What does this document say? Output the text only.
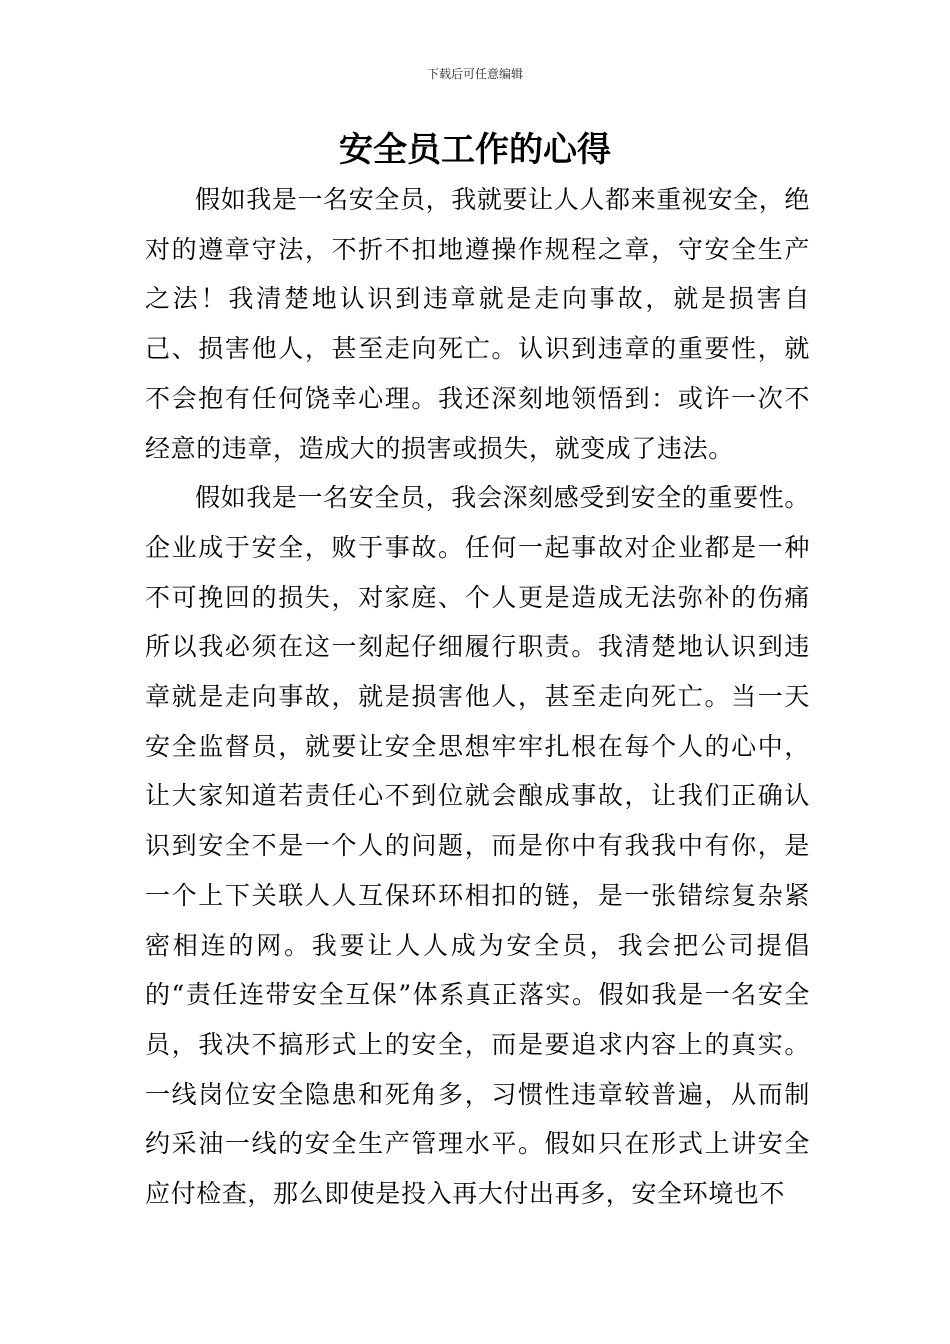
下载后可任意编辑
安全员工作的心得

假如我是一名安全员，我就要让人人都来重视安全，绝对的遵章守法，不折不扣地遵操作规程之章，守安全生产之法！我清楚地认识到违章就是走向事故，就是损害自己、损害他人，甚至走向死亡。认识到违章的重要性，就不会抱有任何饶幸心理。我还深刻地领悟到：或许一次不经意的违章，造成大的损害或损失，就变成了违法。

假如我是一名安全员，我会深刻感受到安全的重要性。企业成于安全，败于事故。任何一起事故对企业都是一种不可挽回的损失，对家庭、个人更是造成无法弥补的伤痛所以我必须在这一刻起仔细履行职责。我清楚地认识到违章就是走向事故，就是损害他人，甚至走向死亡。当一天安全监督员，就要让安全思想牢牢扎根在每个人的心中，让大家知道若责任心不到位就会酿成事故，让我们正确认识到安全不是一个人的问题，而是你中有我我中有你，是一个上下关联人人互保环环相扣的链，是一张错综复杂紧密相连的网。我要让人人成为安全员，我会把公司提倡的“责任连带安全互保”体系真正落实。假如我是一名安全员，我决不搞形式上的安全，而是要追求内容上的真实。一线岗位安全隐患和死角多，习惯性违章较普遍，从而制约采油一线的安全生产管理水平。假如只在形式上讲安全应付检查，那么即使是投入再大付出再多，安全环境也不
